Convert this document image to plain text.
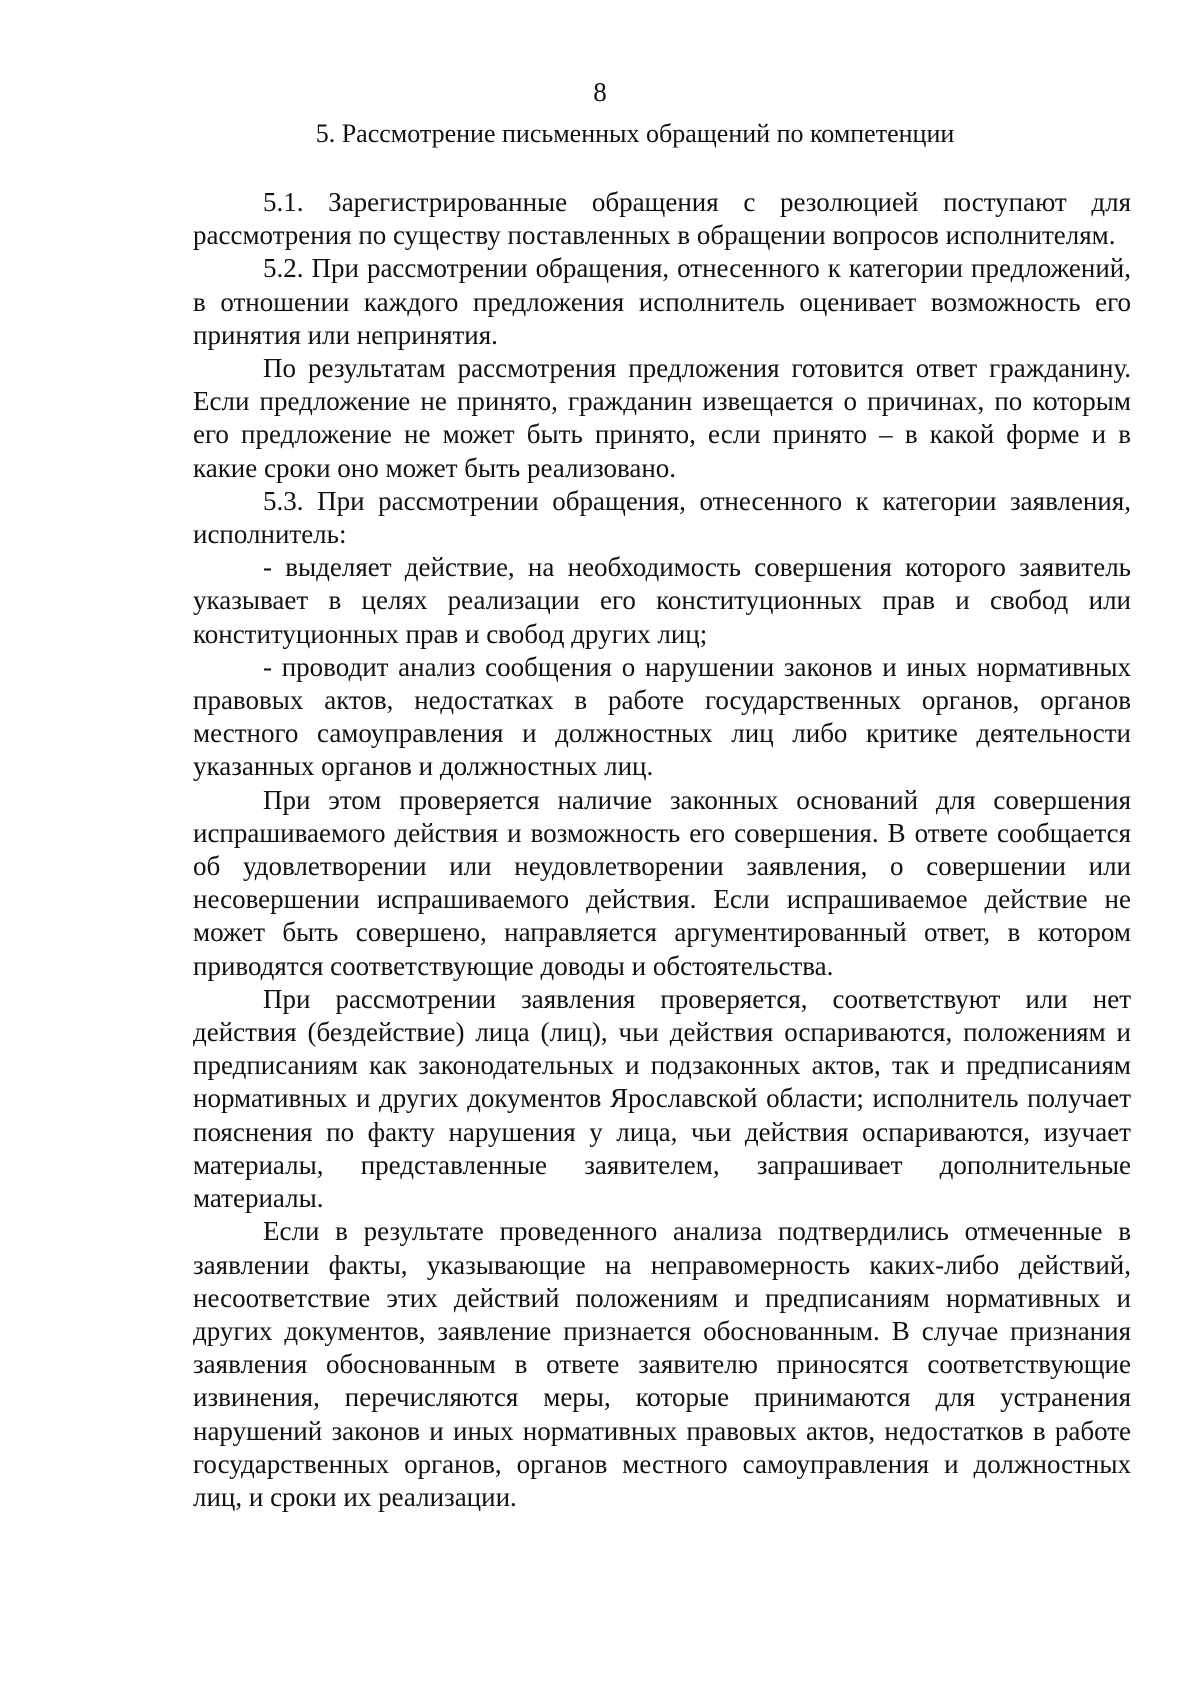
8
5. Рассмотрение письменных обращений по компетенции

5.1. Зарегистрированные обращения с резолюцией поступают для рассмотрения по существу поставленных в обращении вопросов исполнителям.

5.2. При рассмотрении обращения, отнесенного к категории предложений, в отношении каждого предложения исполнитель оценивает возможность его принятия или непринятия.

По результатам рассмотрения предложения готовится ответ гражданину. Если предложение не принято, гражданин извещается о причинах, по которым его предложение не может быть принято, если принято – в какой форме и в какие сроки оно может быть реализовано.

5.3. При рассмотрении обращения, отнесенного к категории заявления, исполнитель:

- выделяет действие, на необходимость совершения которого заявитель указывает в целях реализации его конституционных прав и свобод или конституционных прав и свобод других лиц;

- проводит анализ сообщения о нарушении законов и иных нормативных правовых актов, недостатках в работе государственных органов, органов местного самоуправления и должностных лиц либо критике деятельности указанных органов и должностных лиц.

При этом проверяется наличие законных оснований для совершения испрашиваемого действия и возможность его совершения. В ответе сообщается об удовлетворении или неудовлетворении заявления, о совершении или несовершении испрашиваемого действия. Если испрашиваемое действие не может быть совершено, направляется аргументированный ответ, в котором приводятся соответствующие доводы и обстоятельства.

При рассмотрении заявления проверяется, соответствуют или нет действия (бездействие) лица (лиц), чьи действия оспариваются, положениям и предписаниям как законодательных и подзаконных актов, так и предписаниям нормативных и других документов Ярославской области; исполнитель получает пояснения по факту нарушения у лица, чьи действия оспариваются, изучает материалы, представленные заявителем, запрашивает дополнительные материалы.

Если в результате проведенного анализа подтвердились отмеченные в заявлении факты, указывающие на неправомерность каких-либо действий, несоответствие этих действий положениям и предписаниям нормативных и других документов, заявление признается обоснованным. В случае признания заявления обоснованным в ответе заявителю приносятся соответствующие извинения, перечисляются меры, которые принимаются для устранения нарушений законов и иных нормативных правовых актов, недостатков в работе государственных органов, органов местного самоуправления и должностных лиц, и сроки их реализации.
